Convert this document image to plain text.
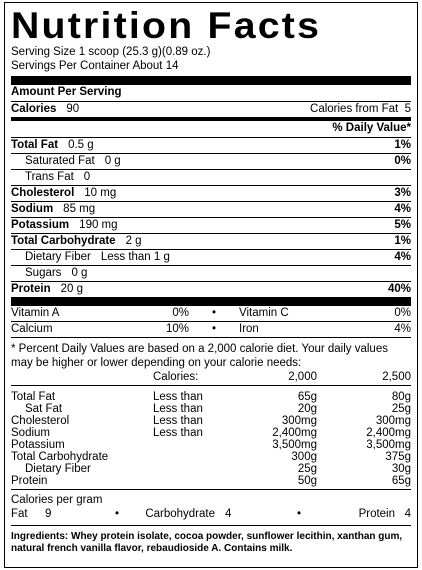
Nutrition Facts
Serving Size 1 scoop (25.3 g)(0.89 oz.)
Servings Per Container About 14
Amount Per Serving
Calories 90	Calories from Fat 5
% Daily Value*
Total Fat 0.5 g	1%
Saturated Fat 0 g	0%
Trans Fat 0
Cholesterol 10 mg	3%
Sodium 85 mg	4%
Potassium 190 mg	5%
Total Carbohydrate 2 g	1%
Dietary Fiber Less than 1 g	4%
Sugars 0 g
Protein 20 g	40%
Vitamin A	0%	•	Vitamin C	0%
Calcium	10%	•	Iron	4%
* Percent Daily Values are based on a 2,000 calorie diet. Your daily values may be higher or lower depending on your calorie needs:
Calories:	2,000	2,500
Total Fat	Less than	65g	80g
Sat Fat	Less than	20g	25g
Cholesterol	Less than	300mg	300mg
Sodium	Less than	2,400mg	2,400mg
Potassium	3,500mg	3,500mg
Total Carbohydrate	300g	375g
Dietary Fiber	25g	30g
Protein	50g	65g
Calories per gram
Fat	9	• Carbohydrate 4	•	Protein 4
Ingredients: Whey protein isolate, cocoa powder, sunflower lecithin, xanthan gum, natural french vanilla flavor, rebaudioside A. Contains milk.
